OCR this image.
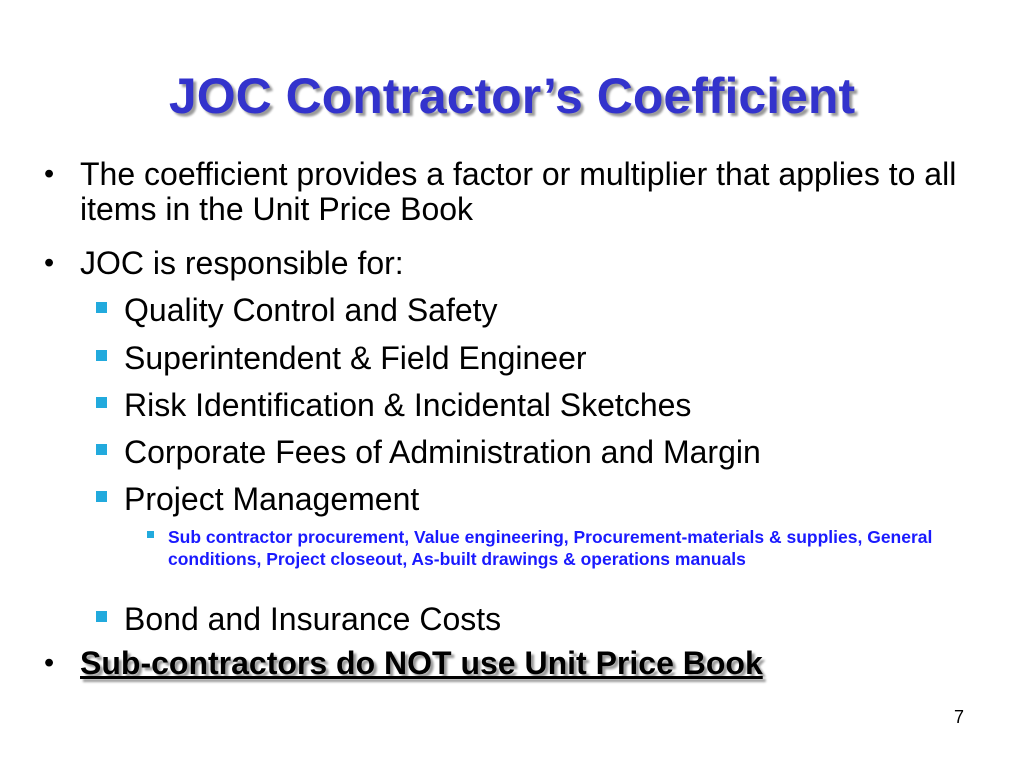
JOC Contractor’s Coefficient
• The coefficient provides a factor or multiplier that applies to all items in the Unit Price Book
• JOC is responsible for:
Quality Control and Safety
Superintendent & Field Engineer
Risk Identification & Incidental Sketches
Corporate Fees of Administration and Margin
Project Management
Sub contractor procurement, Value engineering, Procurement-materials & supplies, General conditions, Project closeout, As-built drawings & operations manuals
Bond and Insurance Costs
• Sub-contractors do NOT use Unit Price Book
7
